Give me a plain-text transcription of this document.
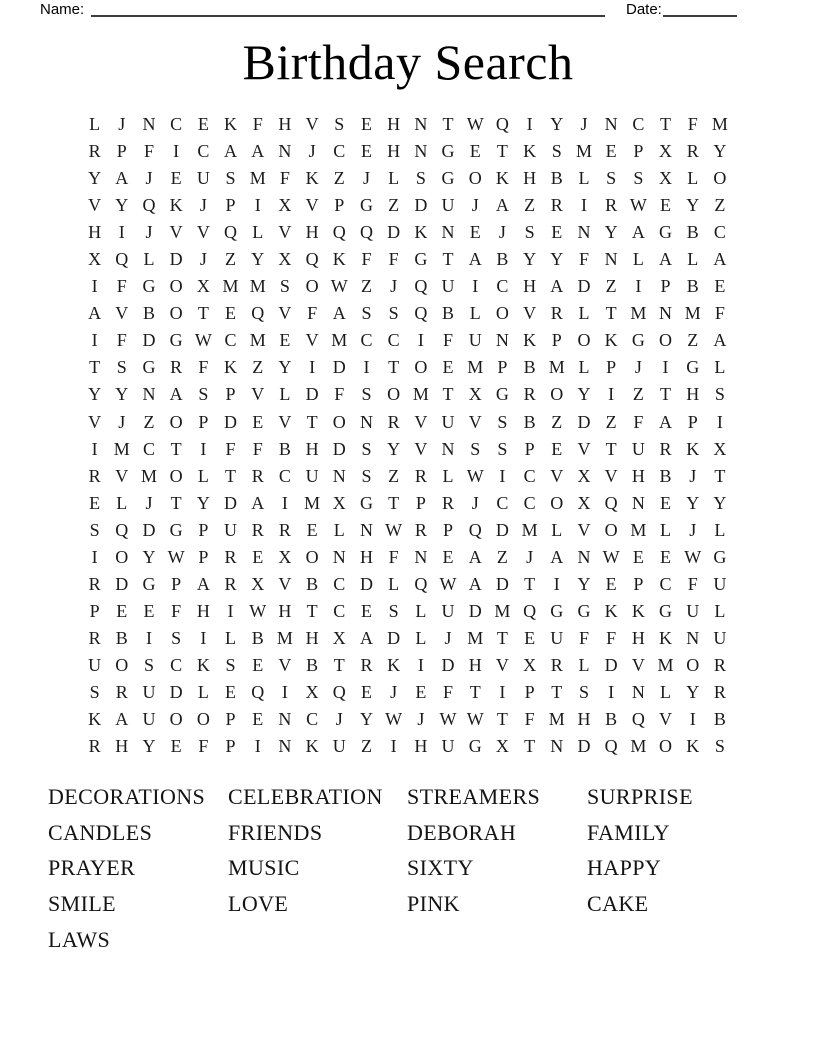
Name:	Date:
Birthday Search
L	J N C E K F H V S E H N T W Q I Y J N C T F M
R P F	I	C A A N J C E H N G E T K S M E P X R Y
Y A J	E U S M F K Z	J	L S G O K H B L S S X L O
V Y Q K J	P	I X V P G Z D U J A Z R	I	R W E Y Z
H I	J V V Q L V H Q Q D K N E	J	S E N Y A G B C
X Q L D J	Z Y X Q K F F G T A B Y Y F N L A L A
I	F G O X M M S O W Z	J Q U I	C H A D Z	I	P B E
A V B O T E Q V F A S S Q B L O V R L T M N M F
I	F D G W C M E V M C C	I	F U N K P O K G O Z A
T S G R F K Z Y I D I	T O E M P B M L P	J	I G L
Y Y N A S P V L D F S O M T X G R O Y I	Z T H S
V J	Z O P D E V T O N R V U V S B Z D Z F A P	I
I M C T	I	F F B H D S Y V N S S P E V T U R K X
R V M O L T R C U N S Z R L W I	C V X V H B J	T
E L	J	T Y D A I M X G T P R J C C O X Q N E Y Y
S Q D G P U R R E L N W R P Q D M L V O M L	J	L
I O Y W P R E X O N H F N E A Z	J A N W E E W G
R D G P A R X V B C D L Q W A D T	I Y E P C F U
P E E F H I W H T C E S L U D M Q G G K K G U L
R B	I	S	I	L B M H X A D L	J M T E U F F H K N U
U O S C K S E V B T R K I D H V X R L D V M O R
S R U D L E Q I X Q E	J	E F T	I	P T S	I N L Y R
K A U O O P E N C J Y W J W W T F M H B Q V I	B
R H Y E F P	I N K U Z	I H U G X T N D Q M O K S
DECORATIONS
CANDLES
PRAYER
SMILE
LAWS
CELEBRATION
FRIENDS
MUSIC
LOVE
STREAMERS
DEBORAH
SIXTY
PINK
SURPRISE
FAMILY
HAPPY
CAKE
